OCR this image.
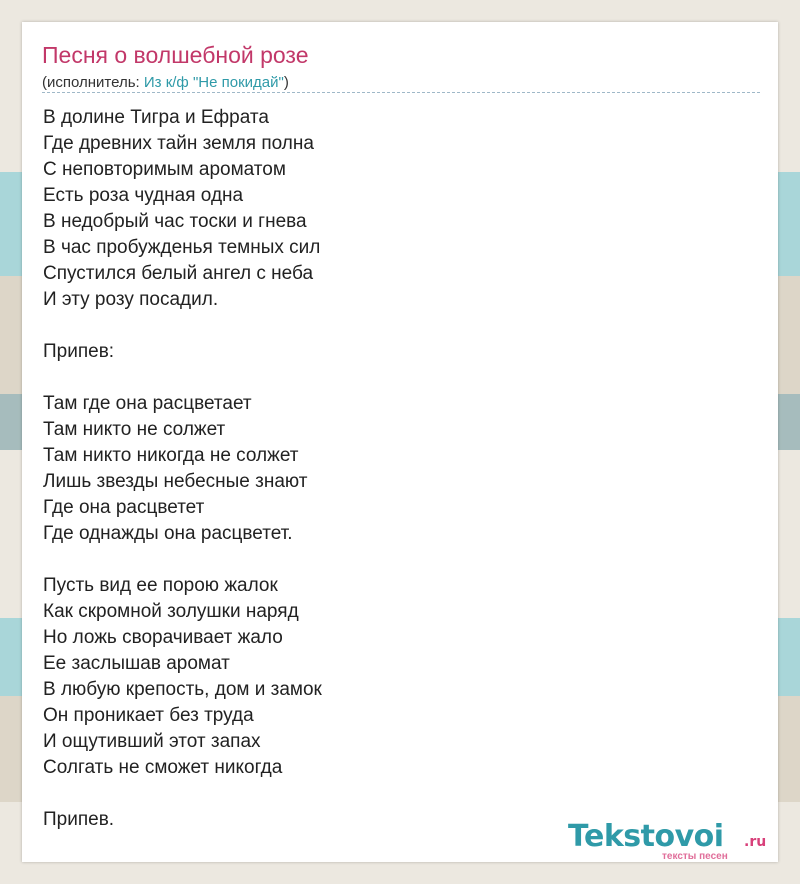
Песня о волшебной розе
(исполнитель: Из к/ф "Не покидай")
В долине Тигра и Ефрата
Где древних тайн земля полна
С неповторимым ароматом
Есть роза чудная одна
В недобрый час тоски и гнева
В час пробужденья темных сил
Спустился белый ангел с неба
И эту розу посадил.
Припев:
Там где она расцветает
Там никто не солжет
Там никто никогда не солжет
Лишь звезды небесные знают
Где она расцветет
Где однажды она расцветет.
Пусть вид ее порою жалок
Как скромной золушки наряд
Но ложь сворачивает жало
Ее заслышав аромат
В любую крепость, дом и замок
Он проникает без труда
И ощутивший этот запах
Солгать не сможет никогда
Припев.	Tekstovoi .ru
тексты песен
